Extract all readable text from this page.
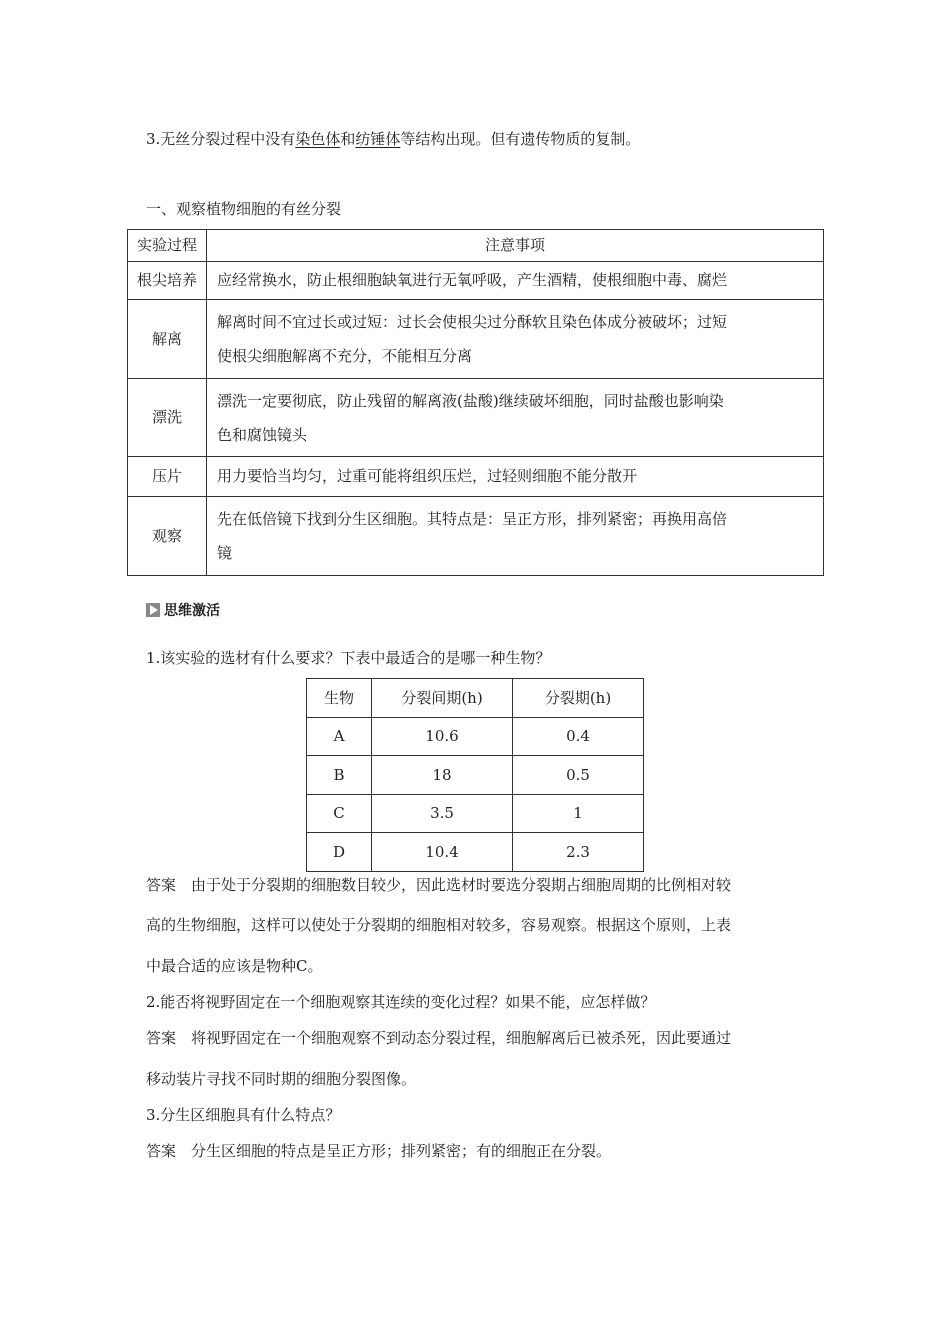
3.无丝分裂过程中没有染色体和纺锤体等结构出现。但有遗传物质的复制。
一、观察植物细胞的有丝分裂
实验过程	注意事项
根尖培养	应经常换水，防止根细胞缺氧进行无氧呼吸，产生酒精，使根细胞中毒、腐烂

解离	解离时间不宜过长或过短：过长会使根尖过分酥软且染色体成分被破坏；过短
使根尖细胞解离不充分，不能相互分离

漂洗	漂洗一定要彻底，防止残留的解离液(盐酸)继续破坏细胞，同时盐酸也影响染
色和腐蚀镜头

压片	用力要恰当均匀，过重可能将组织压烂，过轻则细胞不能分散开

观察	先在低倍镜下找到分生区细胞。其特点是：呈正方形，排列紧密；再换用高倍
镜
思维激活
1.该实验的选材有什么要求？下表中最适合的是哪一种生物？
生物	分裂间期(h)	分裂期(h)
A	10.6	0.4
B	18	0.5
C	3.5	1
D	10.4	2.3
答案　由于处于分裂期的细胞数目较少，因此选材时要选分裂期占细胞周期的比例相对较
高的生物细胞，这样可以使处于分裂期的细胞相对较多，容易观察。根据这个原则，上表
中最合适的应该是物种C。
2.能否将视野固定在一个细胞观察其连续的变化过程？如果不能，应怎样做？
答案　将视野固定在一个细胞观察不到动态分裂过程，细胞解离后已被杀死，因此要通过
移动装片寻找不同时期的细胞分裂图像。
3.分生区细胞具有什么特点？
答案　分生区细胞的特点是呈正方形；排列紧密；有的细胞正在分裂。
